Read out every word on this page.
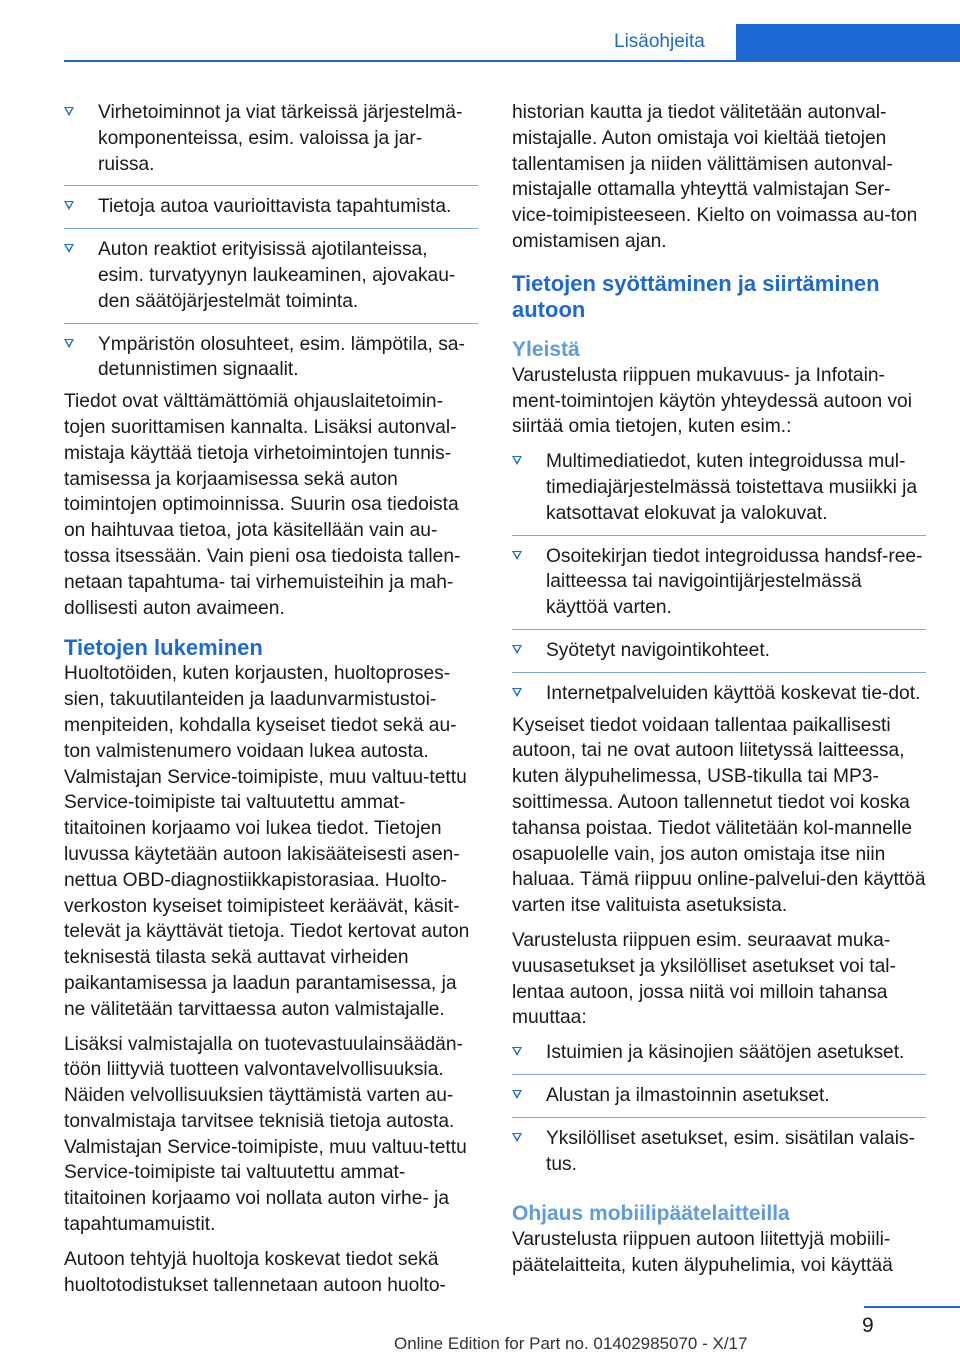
Lisäohjeita
Virhetoiminnot ja viat tärkeissä järjestelmä-komponenteissa, esim. valoissa ja jar-ruissa.
Tietoja autoa vaurioittavista tapahtumista.
Auton reaktiot erityisissä ajotilanteissa, esim. turvatyynyn laukeaminen, ajovakau-den säätöjärjestelmät toiminta.
Ympäristön olosuhteet, esim. lämpötila, sa-detunnistimen signaalit.

Tiedot ovat välttämättömiä ohjauslaitetoimin-tojen suorittamisen kannalta. Lisäksi autonval-mistaja käyttää tietoja virhetoimintojen tunnis-tamisessa ja korjaamisessa sekä auton toimintojen optimoinnissa. Suurin osa tiedoista on haihtuvaa tietoa, jota käsitellään vain au-tossa itsessään. Vain pieni osa tiedoista tallen-netaan tapahtuma- tai virhemuisteihin ja mah-dollisesti auton avaimeen.

Tietojen lukeminen

Huoltotöiden, kuten korjausten, huoltoproses-sien, takuutilanteiden ja laadunvarmistustoi-menpiteiden, kohdalla kyseiset tiedot sekä au-ton valmistenumero voidaan lukea autosta. Valmistajan Service-toimipiste, muu valtuu-tettu Service-toimipiste tai valtuutettu ammat-titaitoinen korjaamo voi lukea tiedot. Tietojen luvussa käytetään autoon lakisääteisesti asen-nettua OBD-diagnostiikkapistorasiaa. Huolto-verkoston kyseiset toimipisteet keräävät, käsit-televät ja käyttävät tietoja. Tiedot kertovat auton teknisestä tilasta sekä auttavat virheiden paikantamisessa ja laadun parantamisessa, ja ne välitetään tarvittaessa auton valmistajalle.

Lisäksi valmistajalla on tuotevastuulainsäädän-töön liittyviä tuotteen valvontavelvollisuuksia. Näiden velvollisuuksien täyttämistä varten au-tonvalmistaja tarvitsee teknisiä tietoja autosta. Valmistajan Service-toimipiste, muu valtuu-tettu Service-toimipiste tai valtuutettu ammat-titaitoinen korjaamo voi nollata auton virhe- ja tapahtumamuistit.

Autoon tehtyjä huoltoja koskevat tiedot sekä huoltotodistukset tallennetaan autoon huolto-

historian kautta ja tiedot välitetään autonval-mistajalle. Auton omistaja voi kieltää tietojen tallentamisen ja niiden välittämisen autonval-mistajalle ottamalla yhteyttä valmistajan Ser-vice-toimipisteeseen. Kielto on voimassa au-ton omistamisen ajan.

Tietojen syöttäminen ja siirtäminen autoon
Yleistä

Varustelusta riippuen mukavuus- ja Infotain-ment-toimintojen käytön yhteydessä autoon voi siirtää omia tietojen, kuten esim.:

Multimediatiedot, kuten integroidussa mul-timediajärjestelmässä toistettava musiikki ja katsottavat elokuvat ja valokuvat.
Osoitekirjan tiedot integroidussa handsf-ree-laitteessa tai navigointijärjestelmässä käyttöä varten.
Syötetyt navigointikohteet.
Internetpalveluiden käyttöä koskevat tie-dot.

Kyseiset tiedot voidaan tallentaa paikallisesti autoon, tai ne ovat autoon liitetyssä laitteessa, kuten älypuhelimessa, USB-tikulla tai MP3-soittimessa. Autoon tallennetut tiedot voi koska tahansa poistaa. Tiedot välitetään kol-mannelle osapuolelle vain, jos auton omistaja itse niin haluaa. Tämä riippuu online-palvelui-den käyttöä varten itse valituista asetuksista.

Varustelusta riippuen esim. seuraavat muka-vuusasetukset ja yksilölliset asetukset voi tal-lentaa autoon, jossa niitä voi milloin tahansa muuttaa:

Istuimien ja käsinojien säätöjen asetukset.
Alustan ja ilmastoinnin asetukset.
Yksilölliset asetukset, esim. sisätilan valais-tus.
Ohjaus mobiilipäätelaitteilla

Varustelusta riippuen autoon liitettyjä mobiili-päätelaitteita, kuten älypuhelimia, voi käyttää

9
Online Edition for Part no. 01402985070 - X/17
